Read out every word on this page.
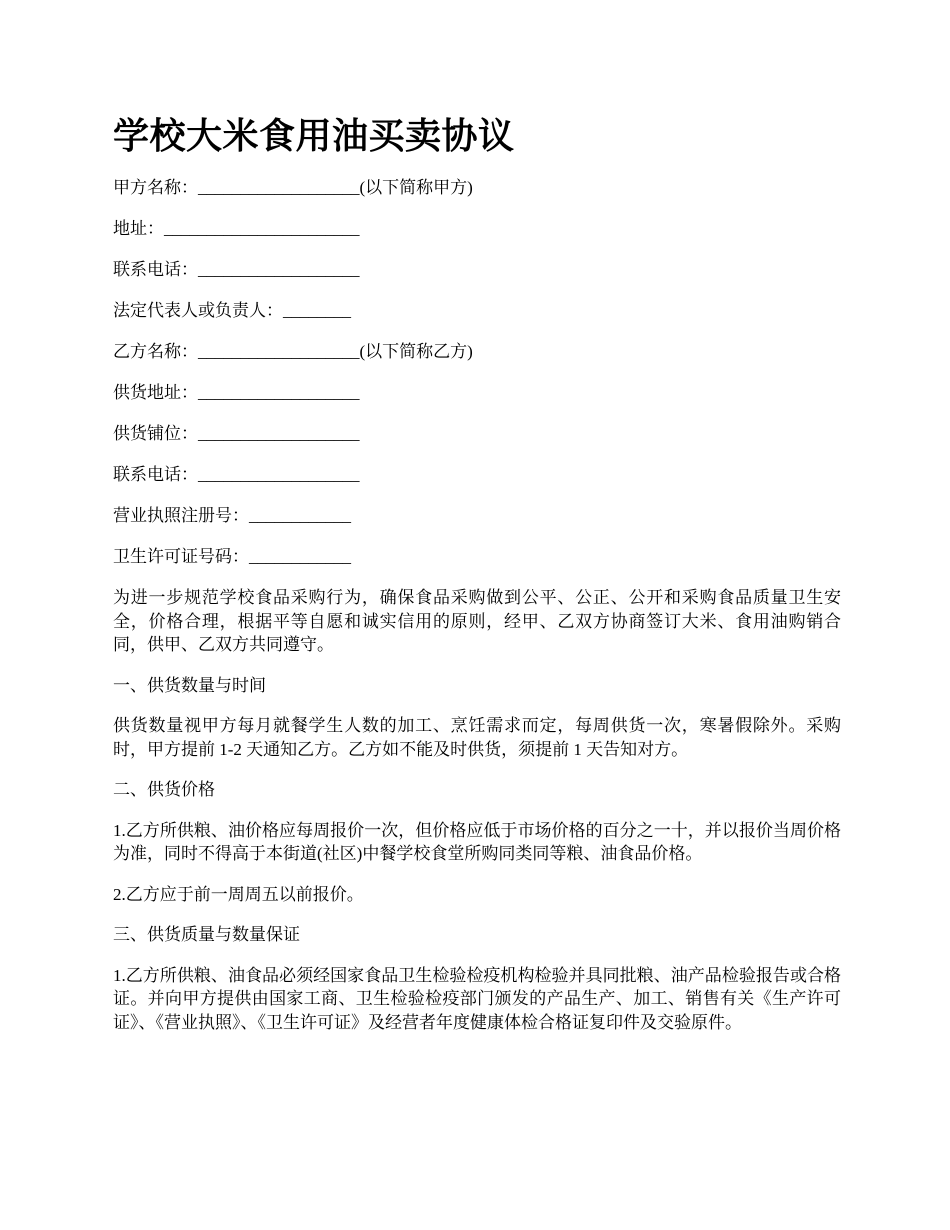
学校大米食用油买卖协议

甲方名称：___________________(以下简称甲方)

地址：_______________________

联系电话：___________________

法定代表人或负责人：________

乙方名称：___________________(以下简称乙方)

供货地址：___________________

供货铺位：___________________

联系电话：___________________

营业执照注册号：____________

卫生许可证号码：____________

为进一步规范学校食品采购行为，确保食品采购做到公平、公正、公开和采购食品质量卫生安全，价格合理，根据平等自愿和诚实信用的原则，经甲、乙双方协商签订大米、食用油购销合同，供甲、乙双方共同遵守。

一、供货数量与时间

供货数量视甲方每月就餐学生人数的加工、烹饪需求而定，每周供货一次，寒暑假除外。采购时，甲方提前 1-2 天通知乙方。乙方如不能及时供货，须提前 1 天告知对方。

二、供货价格

1.乙方所供粮、油价格应每周报价一次，但价格应低于市场价格的百分之一十，并以报价当周价格为准，同时不得高于本街道(社区)中餐学校食堂所购同类同等粮、油食品价格。

2.乙方应于前一周周五以前报价。

三、供货质量与数量保证

1.乙方所供粮、油食品必须经国家食品卫生检验检疫机构检验并具同批粮、油产品检验报告或合格证。并向甲方提供由国家工商、卫生检验检疫部门颁发的产品生产、加工、销售有关《生产许可证》、《营业执照》、《卫生许可证》及经营者年度健康体检合格证复印件及交验原件。
